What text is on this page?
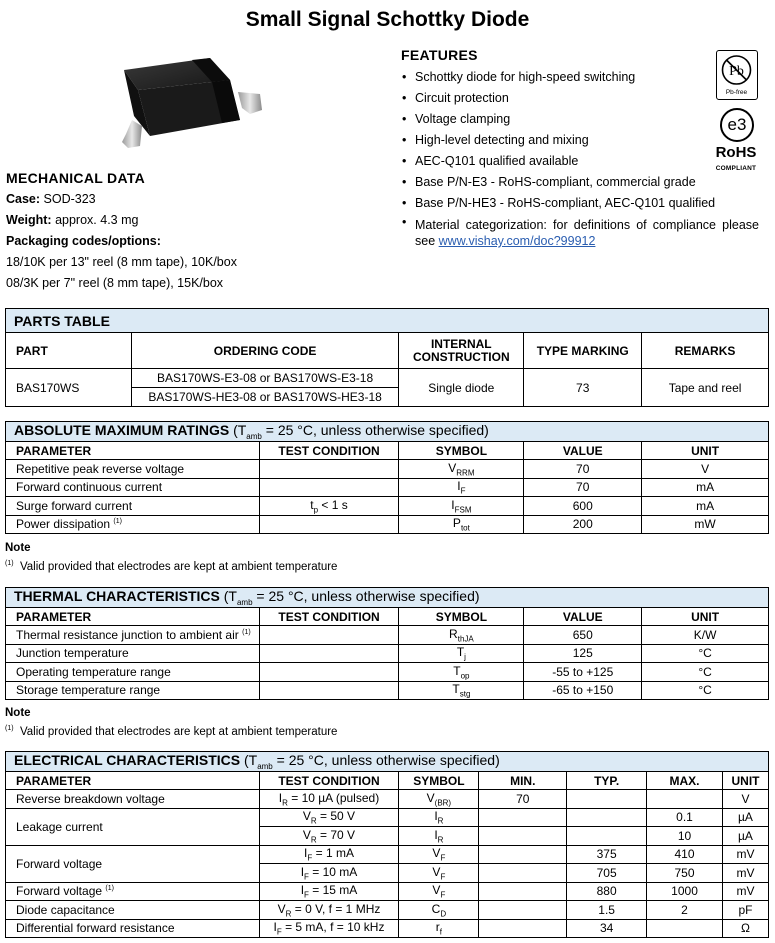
Small Signal Schottky Diode
MECHANICAL DATA
Case: SOD-323
Weight: approx. 4.3 mg
Packaging codes/options:
18/10K per 13" reel (8 mm tape), 10K/box
08/3K per 7" reel (8 mm tape), 15K/box
FEATURES
• Schottky diode for high-speed switching
• Circuit protection
• Voltage clamping
• High-level detecting and mixing
• AEC-Q101 qualified available
• Base P/N-E3 - RoHS-compliant, commercial grade
• Base P/N-HE3 - RoHS-compliant, AEC-Q101 qualified
• Material categorization: for definitions of compliance please see www.vishay.com/doc?99912
Pb
Pb-free
e3
RoHS
COMPLIANT
PARTS TABLE				
PART	ORDERING CODE	INTERNAL CONSTRUCTION	TYPE MARKING	REMARKS
BAS170WS	BAS170WS-E3-08 or BAS170WS-E3-18	Single diode	73	Tape and reel
	BAS170WS-HE3-08 or BAS170WS-HE3-18			
ABSOLUTE MAXIMUM RATINGS ($T_{amb} = 25$ °C, unless otherwise specified)				
PARAMETER	TEST CONDITION	SYMBOL	VALUE	UNIT
Repetitive peak reverse voltage		$V_{RRM}$	70	V
Forward continuous current		$I_F$	70	mA
Surge forward current	$t_p < 1$ s	$I_{FSM}$	600	mA
Power dissipation $^{(1)}$		$P_{tot}$	200	mW
Note
$^{(1)}$ Valid provided that electrodes are kept at ambient temperature
THERMAL CHARACTERISTICS ($T_{amb} = 25$ °C, unless otherwise specified)				
PARAMETER	TEST CONDITION	SYMBOL	VALUE	UNIT
Thermal resistance junction to ambient air $^{(1)}$		$R_{thJA}$	650	K/W
Junction temperature		$T_j$	125	°C
Operating temperature range		$T_{op}$	-55 to +125	°C
Storage temperature range		$T_{stg}$	-65 to +150	°C
Note
$^{(1)}$ Valid provided that electrodes are kept at ambient temperature
ELECTRICAL CHARACTERISTICS ($T_{amb} = 25$ °C, unless otherwise specified)						
PARAMETER	TEST CONDITION	SYMBOL	MIN.	TYP.	MAX.	UNIT
Reverse breakdown voltage	$I_R = 10$ µA (pulsed)	$V_{(BR)}$	70			V
Leakage current	$V_R = 50$ V	$I_R$			0.1	µA
	$V_R = 70$ V	$I_R$			10	µA
Forward voltage	$I_F = 1$ mA	$V_F$		375	410	mV
	$I_F = 10$ mA	$V_F$		705	750	mV
Forward voltage $^{(1)}$	$I_F = 15$ mA	$V_F$		880	1000	mV
Diode capacitance	$V_R = 0$ V, f = 1 MHz	$C_D$		1.5	2	pF
Differential forward resistance	$I_F = 5$ mA, f = 10 kHz	$r_f$		34		Ω
